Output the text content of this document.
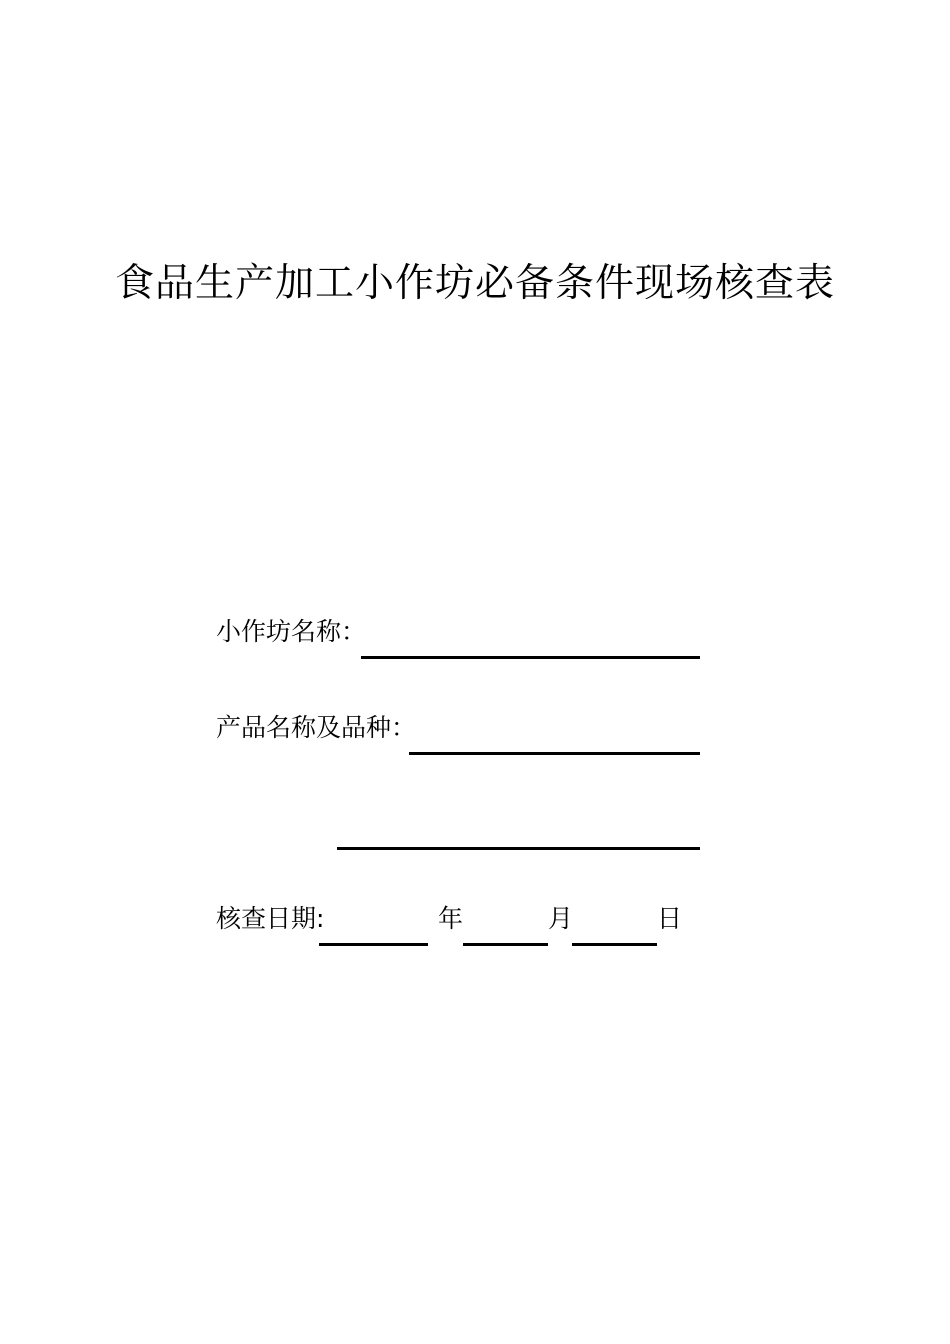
食品生产加工小作坊必备条件现场核查表
小作坊名称：
产品名称及品种：
核查日期:	年	月	日
